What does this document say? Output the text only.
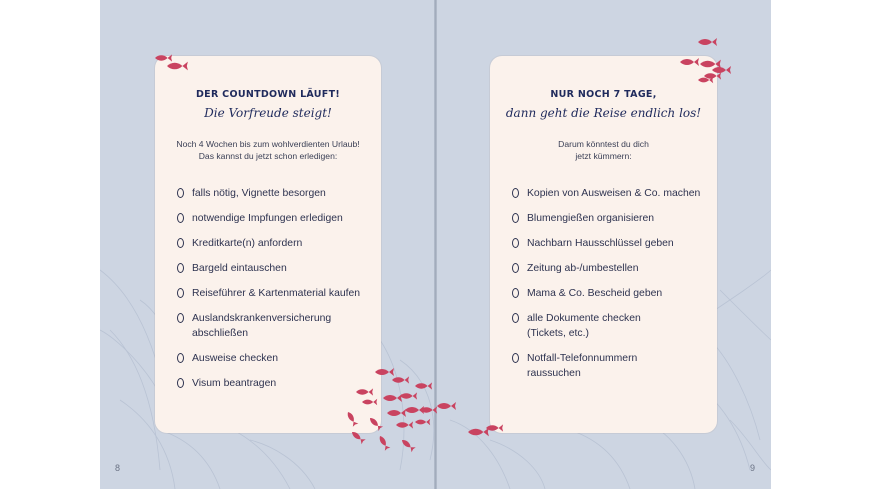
DER COUNTDOWN LÄUFT!
Die Vorfreude steigt!
Noch 4 Wochen bis zum wohlverdienten Urlaub!
Das kannst du jetzt schon erledigen:
falls nötig, Vignette besorgen
notwendige Impfungen erledigen
Kreditkarte(n) anfordern
Bargeld eintauschen
Reiseführer & Kartenmaterial kaufen
Auslandskrankenversicherung abschließen
Ausweise checken
Visum beantragen
NUR NOCH 7 TAGE,
dann geht die Reise endlich los!
Darum könntest du dich
jetzt kümmern:
Kopien von Ausweisen & Co. machen
Blumengießen organisieren
Nachbarn Hausschlüssel geben
Zeitung ab-/umbestellen
Mama & Co. Bescheid geben
alle Dokumente checken (Tickets, etc.)
Notfall-Telefonnummern raussuchen
8	9
